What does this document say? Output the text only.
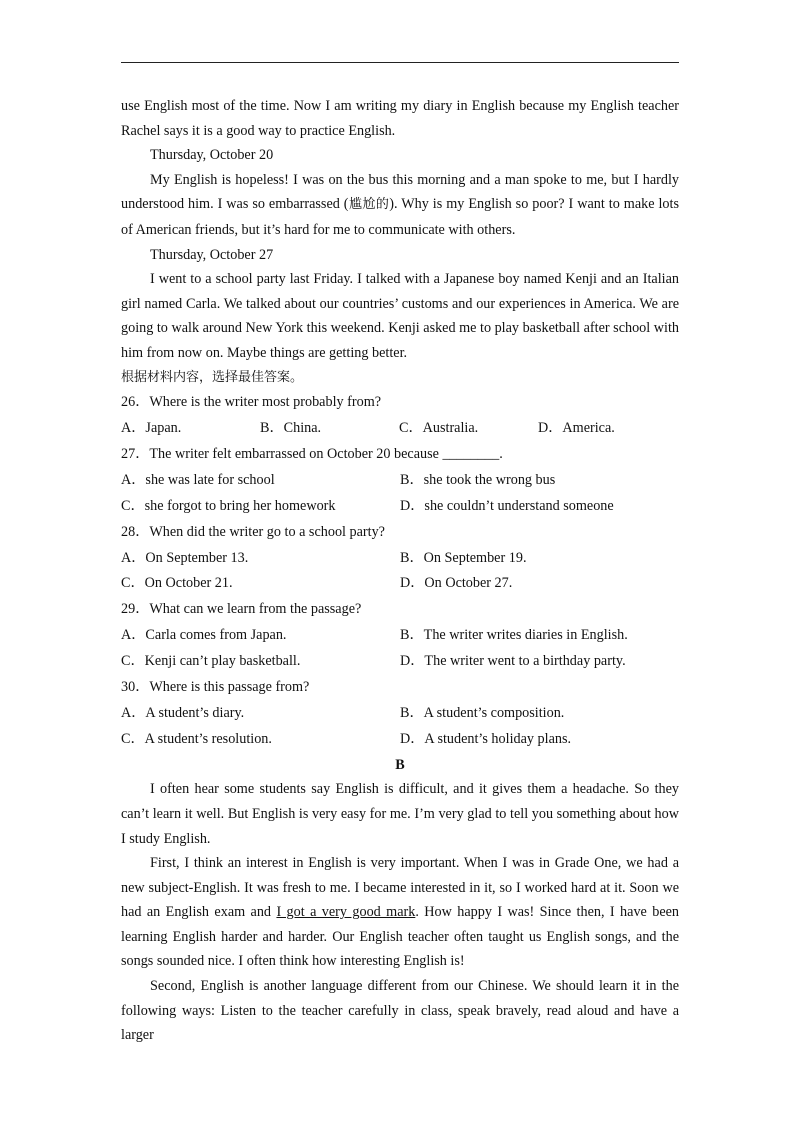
use English most of the time. Now I am writing my diary in English because my English teacher Rachel says it is a good way to practice English.

Thursday, October 20

My English is hopeless! I was on the bus this morning and a man spoke to me, but I hardly understood him. I was so embarrassed (尴尬的). Why is my English so poor? I want to make lots of American friends, but it’s hard for me to communicate with others.

Thursday, October 27

I went to a school party last Friday. I talked with a Japanese boy named Kenji and an Italian girl named Carla. We talked about our countries’ customs and our experiences in America. We are going to walk around New York this weekend. Kenji asked me to play basketball after school with him from now on. Maybe things are getting better.

根据材料内容，选择最佳答案。
26．Where is the writer most probably from?
A．Japan.	B．China.	C．Australia.	D．America.
27．The writer felt embarrassed on October 20 because ________.
A．she was late for school	B．she took the wrong bus
C．she forgot to bring her homework	D．she couldn’t understand someone
28．When did the writer go to a school party?
A．On September 13.	B．On September 19.
C．On October 21.	D．On October 27.
29．What can we learn from the passage?
A．Carla comes from Japan.	B．The writer writes diaries in English.
C．Kenji can’t play basketball.	D．The writer went to a birthday party.
30．Where is this passage from?
A．A student’s diary.	B．A student’s composition.
C．A student’s resolution.	D．A student’s holiday plans.
B

I often hear some students say English is difficult, and it gives them a headache. So they can’t learn it well. But English is very easy for me. I’m very glad to tell you something about how I study English.

First, I think an interest in English is very important. When I was in Grade One, we had a new subject-English. It was fresh to me. I became interested in it, so I worked hard at it. Soon we had an English exam and I got a very good mark. How happy I was! Since then, I have been learning English harder and harder. Our English teacher often taught us English songs, and the songs sounded nice. I often think how interesting English is!

Second, English is another language different from our Chinese. We should learn it in the following ways: Listen to the teacher carefully in class, speak bravely, read aloud and have a larger
